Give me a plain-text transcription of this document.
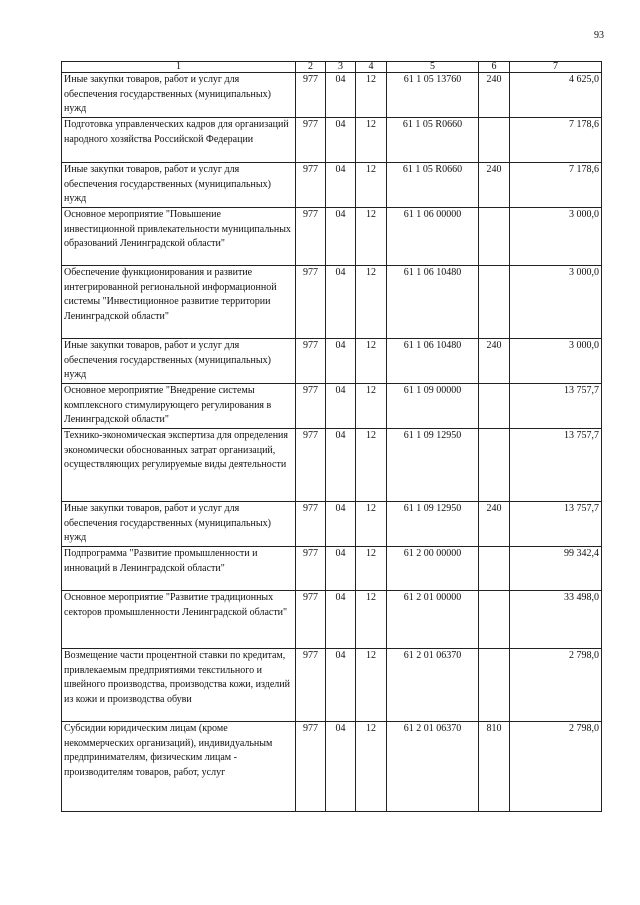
93
1	2	3	4	5	6	7
Иные закупки товаров, работ и услуг для обеспечения государственных (муниципальных) нужд	977	04	12	61 1 05 13760	240	4 625,0
Подготовка управленческих кадров для организаций народного хозяйства Российской Федерации	977	04	12	61 1 05 R0660		7 178,6
Иные закупки товаров, работ и услуг для обеспечения государственных (муниципальных) нужд	977	04	12	61 1 05 R0660	240	7 178,6
Основное мероприятие "Повышение инвестиционной привлекательности муниципальных образований Ленинградской области"	977	04	12	61 1 06 00000		3 000,0
Обеспечение функционирования и развитие интегрированной региональной информационной системы "Инвестиционное развитие территории Ленинградской области"	977	04	12	61 1 06 10480		3 000,0
Иные закупки товаров, работ и услуг для обеспечения государственных (муниципальных) нужд	977	04	12	61 1 06 10480	240	3 000,0
Основное мероприятие "Внедрение системы комплексного стимулирующего регулирования в Ленинградской области"	977	04	12	61 1 09 00000		13 757,7
Технико-экономическая экспертиза для определения экономически обоснованных затрат организаций, осуществляющих регулируемые виды деятельности	977	04	12	61 1 09 12950		13 757,7
Иные закупки товаров, работ и услуг для обеспечения государственных (муниципальных) нужд	977	04	12	61 1 09 12950	240	13 757,7
Подпрограмма "Развитие промышленности и инноваций в Ленинградской области"	977	04	12	61 2 00 00000		99 342,4
Основное мероприятие "Развитие традиционных секторов промышленности Ленинградской области"	977	04	12	61 2 01 00000		33 498,0
Возмещение части процентной ставки по кредитам, привлекаемым предприятиями текстильного и швейного производства, производства кожи, изделий из кожи и производства обуви	977	04	12	61 2 01 06370		2 798,0
Субсидии юридическим лицам (кроме некоммерческих организаций), индивидуальным предпринимателям, физическим лицам - производителям товаров, работ, услуг	977	04	12	61 2 01 06370	810	2 798,0
